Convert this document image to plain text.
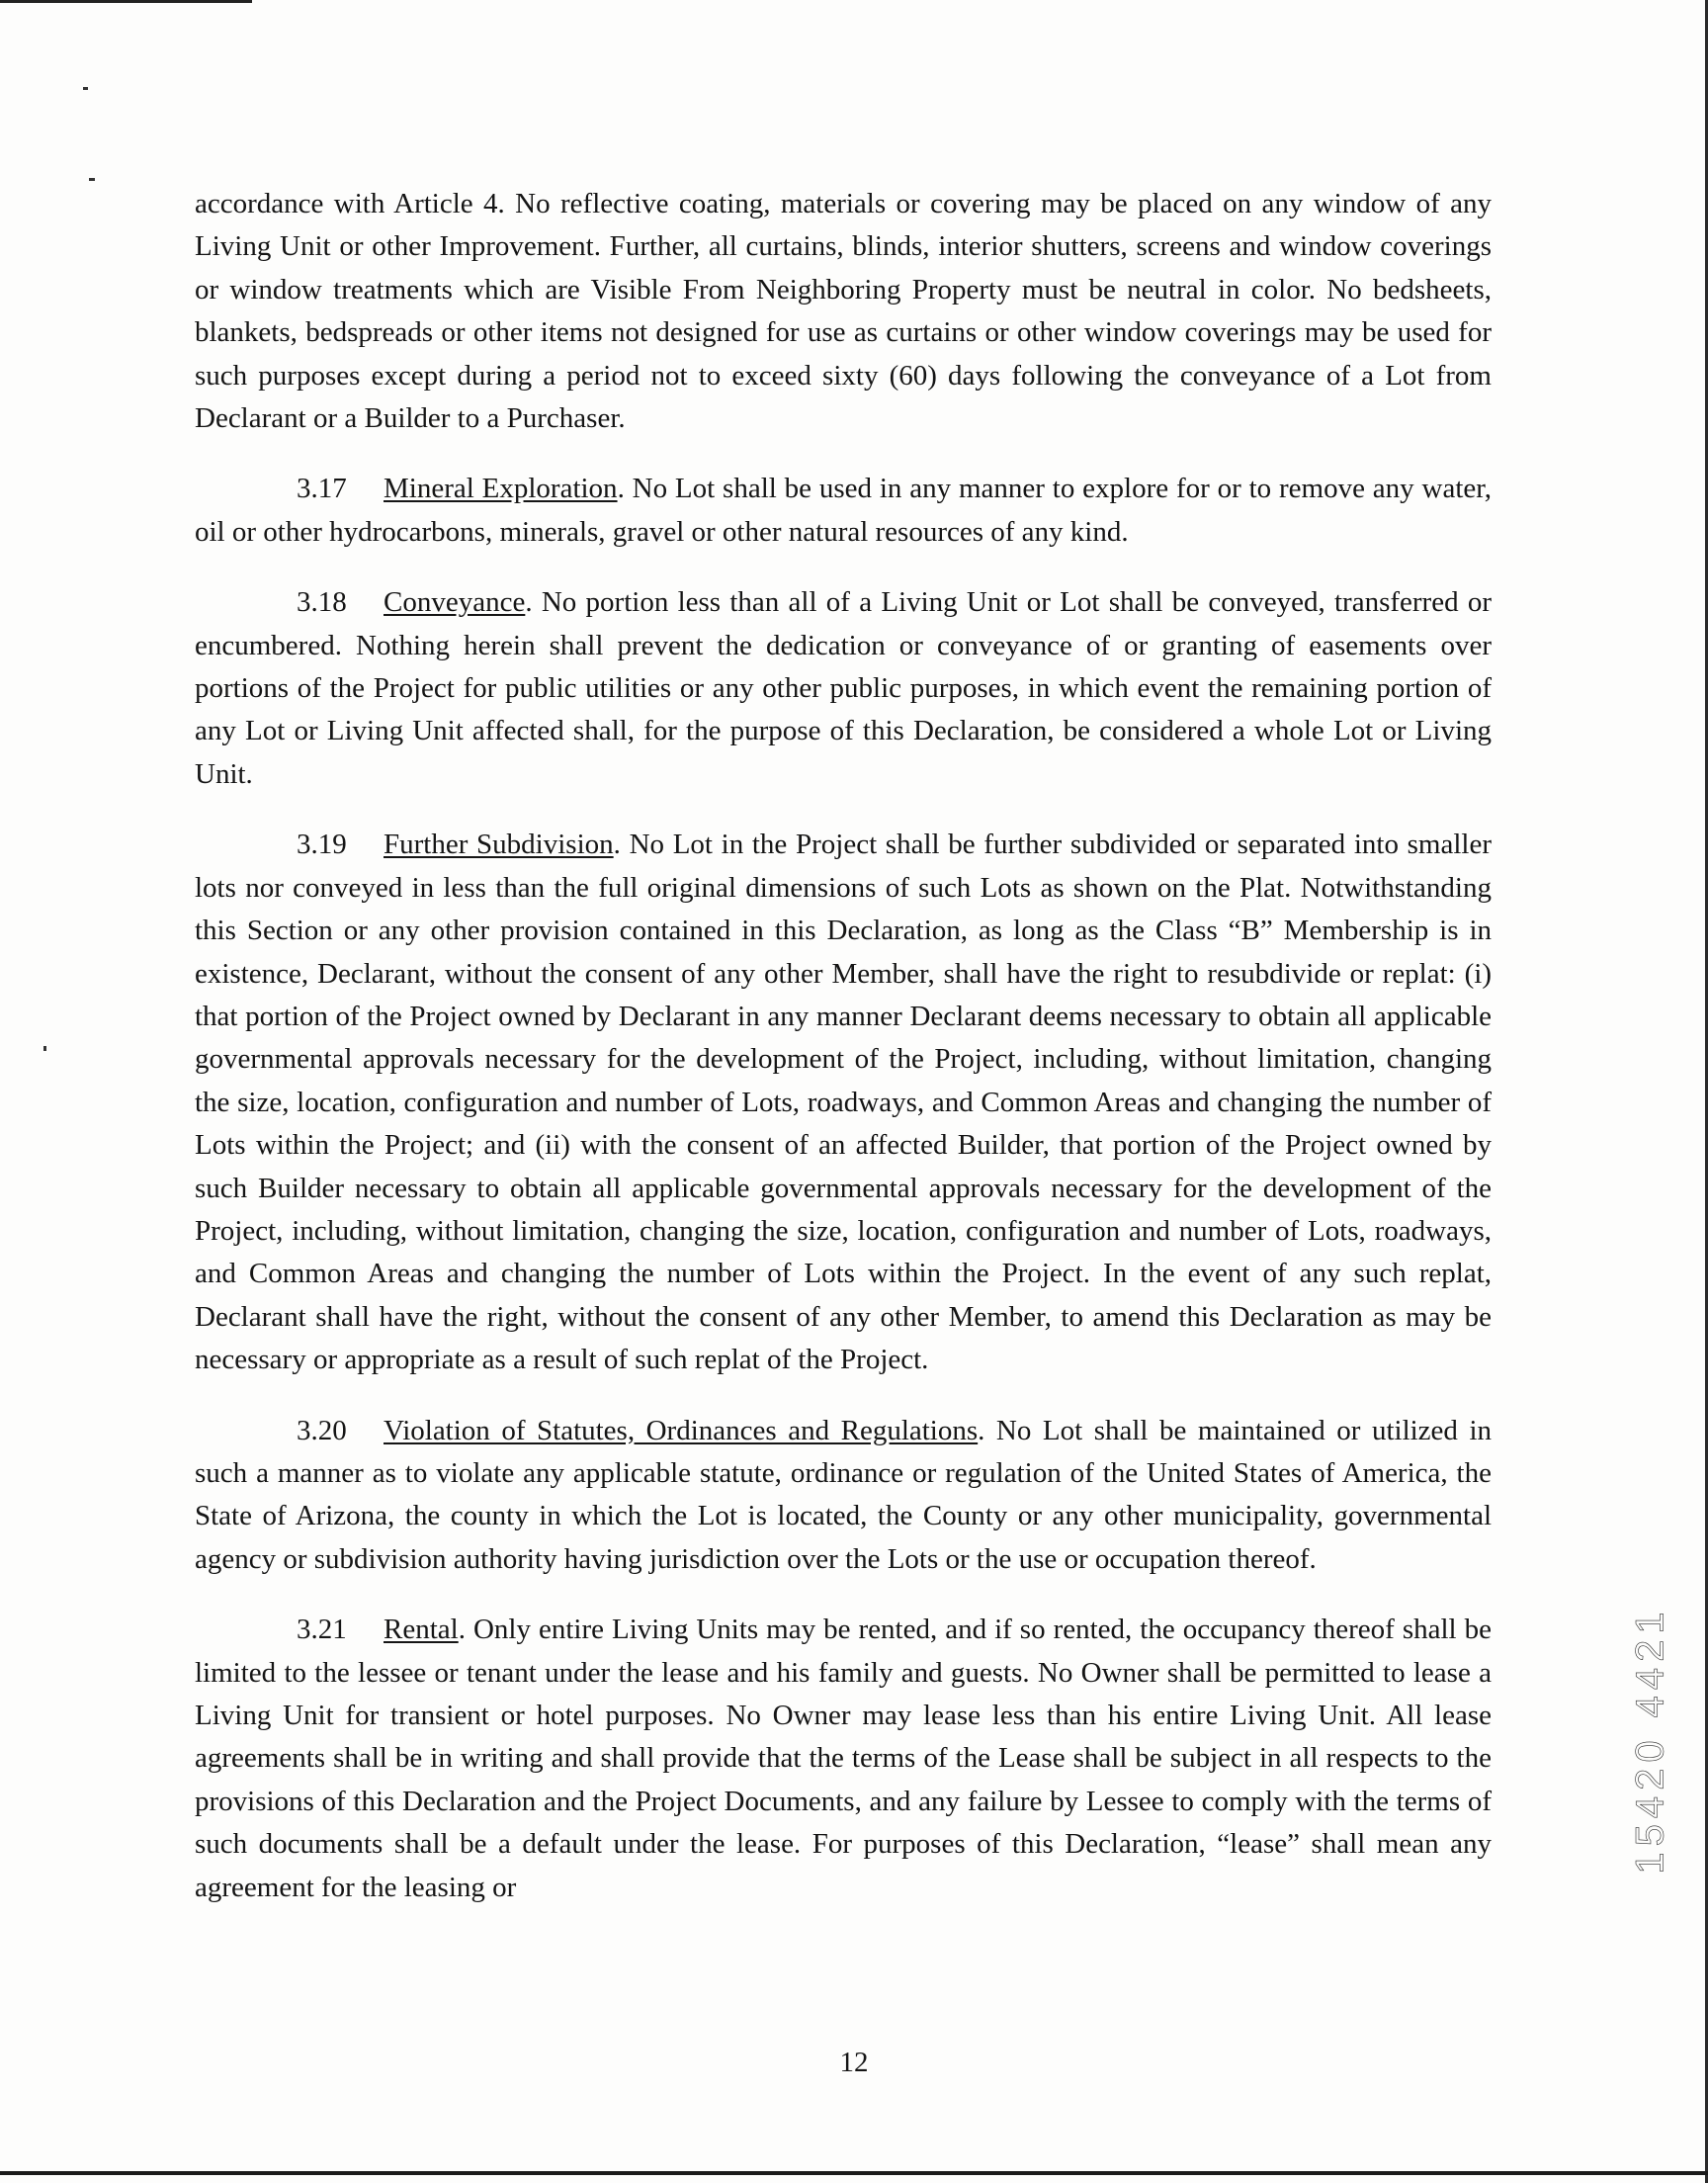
accordance with Article 4. No reflective coating, materials or covering may be placed on any window of any Living Unit or other Improvement. Further, all curtains, blinds, interior shutters, screens and window coverings or window treatments which are Visible From Neighboring Property must be neutral in color. No bedsheets, blankets, bedspreads or other items not designed for use as curtains or other window coverings may be used for such purposes except during a period not to exceed sixty (60) days following the conveyance of a Lot from Declarant or a Builder to a Purchaser.

3.17 Mineral Exploration. No Lot shall be used in any manner to explore for or to remove any water, oil or other hydrocarbons, minerals, gravel or other natural resources of any kind.

3.18 Conveyance. No portion less than all of a Living Unit or Lot shall be conveyed, transferred or encumbered. Nothing herein shall prevent the dedication or conveyance of or granting of easements over portions of the Project for public utilities or any other public purposes, in which event the remaining portion of any Lot or Living Unit affected shall, for the purpose of this Declaration, be considered a whole Lot or Living Unit.

3.19 Further Subdivision. No Lot in the Project shall be further subdivided or separated into smaller lots nor conveyed in less than the full original dimensions of such Lots as shown on the Plat. Notwithstanding this Section or any other provision contained in this Declaration, as long as the Class “B” Membership is in existence, Declarant, without the consent of any other Member, shall have the right to resubdivide or replat: (i) that portion of the Project owned by Declarant in any manner Declarant deems necessary to obtain all applicable governmental approvals necessary for the development of the Project, including, without limitation, changing the size, location, configuration and number of Lots, roadways, and Common Areas and changing the number of Lots within the Project; and (ii) with the consent of an affected Builder, that portion of the Project owned by such Builder necessary to obtain all applicable governmental approvals necessary for the development of the Project, including, without limitation, changing the size, location, configuration and number of Lots, roadways, and Common Areas and changing the number of Lots within the Project. In the event of any such replat, Declarant shall have the right, without the consent of any other Member, to amend this Declaration as may be necessary or appropriate as a result of such replat of the Project.

3.20 Violation of Statutes, Ordinances and Regulations. No Lot shall be maintained or utilized in such a manner as to violate any applicable statute, ordinance or regulation of the United States of America, the State of Arizona, the county in which the Lot is located, the County or any other municipality, governmental agency or subdivision authority having jurisdiction over the Lots or the use or occupation thereof.

3.21 Rental. Only entire Living Units may be rented, and if so rented, the occupancy thereof shall be limited to the lessee or tenant under the lease and his family and guests. No Owner shall be permitted to lease a Living Unit for transient or hotel purposes. No Owner may lease less than his entire Living Unit. All lease agreements shall be in writing and shall provide that the terms of the Lease shall be subject in all respects to the provisions of this Declaration and the Project Documents, and any failure by Lessee to comply with the terms of such documents shall be a default under the lease. For purposes of this Declaration, “lease” shall mean any agreement for the leasing or

12
15420 4421
